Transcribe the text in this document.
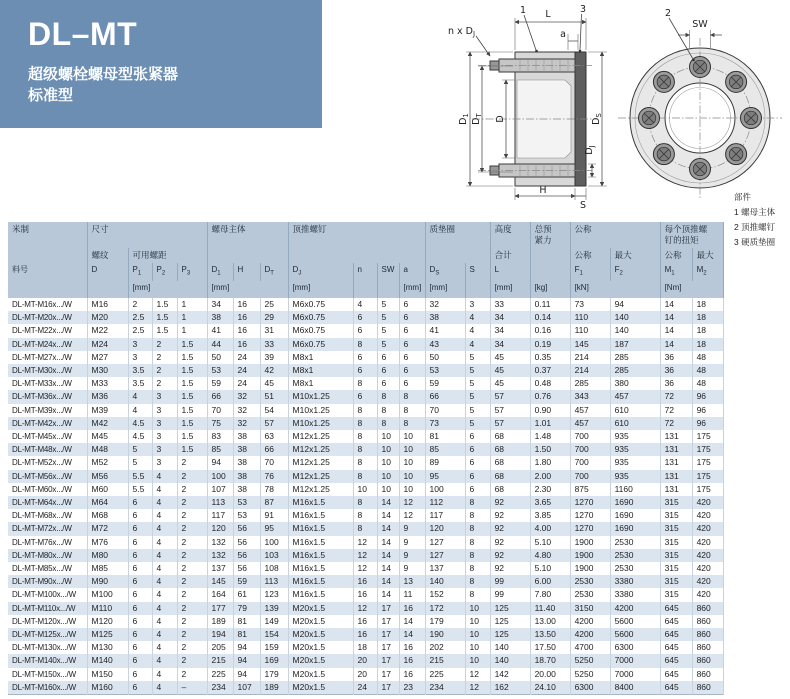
DL–MT
超级螺栓螺母型张紧器
标准型
L
a
1	3
n x $D_J$
$D_1$
$D_T$ D	$D_S$
$D_J$
H
S
SW
2
部件
1 螺母主体
2 顶推螺钉
3 硬质垫圈
米制	尺寸				螺母主体			顶推螺钉				质垫圈		高度	总预紧力	公称		每个顶推螺钉的扭矩	
	螺纹	可用螺距												合计		公称	最大	公称	最大
料号	D	$P_1$	$P_2$	$P_3$	$D_1$	H	$D_T$	$D_J$	n	SW	a	$D_S$	S	L		$F_1$	$F_2$	$M_1$	$M_2$
		[mm]			[mm]			[mm]			[mm]	[mm]		[mm]	[kg]	[kN]		[Nm]	
DL-MT-M16x.../W	M16	2	1.5	1	34	16	25	M6x0.75	4	5	6	32	3	33	0.11	73	94	14	18
DL-MT-M20x.../W	M20	2.5	1.5	1	38	16	29	M6x0.75	6	5	6	38	4	34	0.14	110	140	14	18
DL-MT-M22x.../W	M22	2.5	1.5	1	41	16	31	M6x0.75	6	5	6	41	4	34	0.16	110	140	14	18
DL-MT-M24x.../W	M24	3	2	1.5	44	16	33	M6x0.75	8	5	6	43	4	34	0.19	145	187	14	18
DL-MT-M27x.../W	M27	3	2	1.5	50	24	39	M8x1	6	6	6	50	5	45	0.35	214	285	36	48
DL-MT-M30x.../W	M30	3.5	2	1.5	53	24	42	M8x1	6	6	6	53	5	45	0.37	214	285	36	48
DL-MT-M33x.../W	M33	3.5	2	1.5	59	24	45	M8x1	8	6	6	59	5	45	0.48	285	380	36	48
DL-MT-M36x.../W	M36	4	3	1.5	66	32	51	M10x1.25	6	8	8	66	5	57	0.76	343	457	72	96
DL-MT-M39x.../W	M39	4	3	1.5	70	32	54	M10x1.25	8	8	8	70	5	57	0.90	457	610	72	96
DL-MT-M42x.../W	M42	4.5	3	1.5	75	32	57	M10x1.25	8	8	8	73	5	57	1.01	457	610	72	96
DL-MT-M45x.../W	M45	4.5	3	1.5	83	38	63	M12x1.25	8	10	10	81	6	68	1.48	700	935	131	175
DL-MT-M48x.../W	M48	5	3	1.5	85	38	66	M12x1.25	8	10	10	85	6	68	1.50	700	935	131	175
DL-MT-M52x.../W	M52	5	3	2	94	38	70	M12x1.25	8	10	10	89	6	68	1.80	700	935	131	175
DL-MT-M56x.../W	M56	5.5	4	2	100	38	76	M12x1.25	8	10	10	95	6	68	2.00	700	935	131	175
DL-MT-M60x.../W	M60	5.5	4	2	107	38	78	M12x1.25	10	10	10	100	6	68	2.30	875	1160	131	175
DL-MT-M64x.../W	M64	6	4	2	113	53	87	M16x1.5	8	14	12	112	8	92	3.65	1270	1690	315	420
DL-MT-M68x.../W	M68	6	4	2	117	53	91	M16x1.5	8	14	12	117	8	92	3.85	1270	1690	315	420
DL-MT-M72x.../W	M72	6	4	2	120	56	95	M16x1.5	8	14	9	120	8	92	4.00	1270	1690	315	420
DL-MT-M76x.../W	M76	6	4	2	132	56	100	M16x1.5	12	14	9	127	8	92	5.10	1900	2530	315	420
DL-MT-M80x.../W	M80	6	4	2	132	56	103	M16x1.5	12	14	9	127	8	92	4.80	1900	2530	315	420
DL-MT-M85x.../W	M85	6	4	2	137	56	108	M16x1.5	12	14	9	137	8	92	5.10	1900	2530	315	420
DL-MT-M90x.../W	M90	6	4	2	145	59	113	M16x1.5	16	14	13	140	8	99	6.00	2530	3380	315	420
DL-MT-M100x.../W	M100	6	4	2	164	61	123	M16x1.5	16	14	11	152	8	99	7.80	2530	3380	315	420
DL-MT-M110x.../W	M110	6	4	2	177	79	139	M20x1.5	12	17	16	172	10	125	11.40	3150	4200	645	860
DL-MT-M120x.../W	M120	6	4	2	189	81	149	M20x1.5	16	17	14	179	10	125	13.00	4200	5600	645	860
DL-MT-M125x.../W	M125	6	4	2	194	81	154	M20x1.5	16	17	14	190	10	125	13.50	4200	5600	645	860
DL-MT-M130x.../W	M130	6	4	2	205	94	159	M20x1.5	18	17	16	202	10	140	17.50	4700	6300	645	860
DL-MT-M140x.../W	M140	6	4	2	215	94	169	M20x1.5	20	17	16	215	10	140	18.70	5250	7000	645	860
DL-MT-M150x.../W	M150	6	4	2	225	94	179	M20x1.5	20	17	16	225	12	142	20.00	5250	7000	645	860
DL-MT-M160x.../W	M160	6	4	–	234	107	189	M20x1.5	24	17	23	234	12	162	24.10	6300	8400	645	860
